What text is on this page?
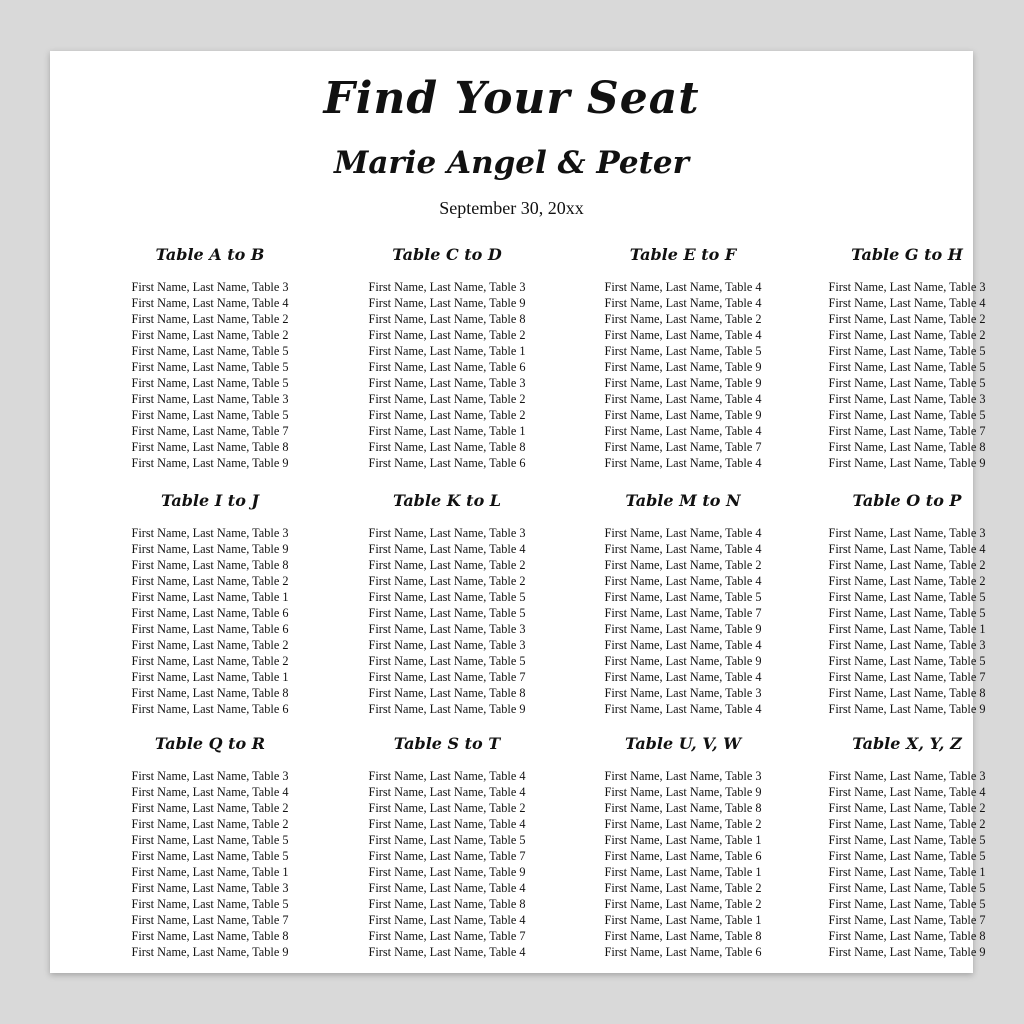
Find Your Seat
Marie Angel & Peter
September 30, 20xx
Table A to B
First Name, Last Name, Table 3
First Name, Last Name, Table 4
First Name, Last Name, Table 2
First Name, Last Name, Table 2
First Name, Last Name, Table 5
First Name, Last Name, Table 5
First Name, Last Name, Table 5
First Name, Last Name, Table 3
First Name, Last Name, Table 5
First Name, Last Name, Table 7
First Name, Last Name, Table 8
First Name, Last Name, Table 9
Table C to D
First Name, Last Name, Table 3
First Name, Last Name, Table 9
First Name, Last Name, Table 8
First Name, Last Name, Table 2
First Name, Last Name, Table 1
First Name, Last Name, Table 6
First Name, Last Name, Table 3
First Name, Last Name, Table 2
First Name, Last Name, Table 2
First Name, Last Name, Table 1
First Name, Last Name, Table 8
First Name, Last Name, Table 6
Table E to F
First Name, Last Name, Table 4
First Name, Last Name, Table 4
First Name, Last Name, Table 2
First Name, Last Name, Table 4
First Name, Last Name, Table 5
First Name, Last Name, Table 9
First Name, Last Name, Table 9
First Name, Last Name, Table 4
First Name, Last Name, Table 9
First Name, Last Name, Table 4
First Name, Last Name, Table 7
First Name, Last Name, Table 4
Table G to H
First Name, Last Name, Table 3
First Name, Last Name, Table 4
First Name, Last Name, Table 2
First Name, Last Name, Table 2
First Name, Last Name, Table 5
First Name, Last Name, Table 5
First Name, Last Name, Table 5
First Name, Last Name, Table 3
First Name, Last Name, Table 5
First Name, Last Name, Table 7
First Name, Last Name, Table 8
First Name, Last Name, Table 9
Table I to J
First Name, Last Name, Table 3
First Name, Last Name, Table 9
First Name, Last Name, Table 8
First Name, Last Name, Table 2
First Name, Last Name, Table 1
First Name, Last Name, Table 6
First Name, Last Name, Table 6
First Name, Last Name, Table 2
First Name, Last Name, Table 2
First Name, Last Name, Table 1
First Name, Last Name, Table 8
First Name, Last Name, Table 6
Table K to L
First Name, Last Name, Table 3
First Name, Last Name, Table 4
First Name, Last Name, Table 2
First Name, Last Name, Table 2
First Name, Last Name, Table 5
First Name, Last Name, Table 5
First Name, Last Name, Table 3
First Name, Last Name, Table 3
First Name, Last Name, Table 5
First Name, Last Name, Table 7
First Name, Last Name, Table 8
First Name, Last Name, Table 9
Table M to N
First Name, Last Name, Table 4
First Name, Last Name, Table 4
First Name, Last Name, Table 2
First Name, Last Name, Table 4
First Name, Last Name, Table 5
First Name, Last Name, Table 7
First Name, Last Name, Table 9
First Name, Last Name, Table 4
First Name, Last Name, Table 9
First Name, Last Name, Table 4
First Name, Last Name, Table 3
First Name, Last Name, Table 4
Table O to P
First Name, Last Name, Table 3
First Name, Last Name, Table 4
First Name, Last Name, Table 2
First Name, Last Name, Table 2
First Name, Last Name, Table 5
First Name, Last Name, Table 5
First Name, Last Name, Table 1
First Name, Last Name, Table 3
First Name, Last Name, Table 5
First Name, Last Name, Table 7
First Name, Last Name, Table 8
First Name, Last Name, Table 9
Table Q to R
First Name, Last Name, Table 3
First Name, Last Name, Table 4
First Name, Last Name, Table 2
First Name, Last Name, Table 2
First Name, Last Name, Table 5
First Name, Last Name, Table 5
First Name, Last Name, Table 1
First Name, Last Name, Table 3
First Name, Last Name, Table 5
First Name, Last Name, Table 7
First Name, Last Name, Table 8
First Name, Last Name, Table 9
Table S to T
First Name, Last Name, Table 4
First Name, Last Name, Table 4
First Name, Last Name, Table 2
First Name, Last Name, Table 4
First Name, Last Name, Table 5
First Name, Last Name, Table 7
First Name, Last Name, Table 9
First Name, Last Name, Table 4
First Name, Last Name, Table 8
First Name, Last Name, Table 4
First Name, Last Name, Table 7
First Name, Last Name, Table 4
Table U, V, W
First Name, Last Name, Table 3
First Name, Last Name, Table 9
First Name, Last Name, Table 8
First Name, Last Name, Table 2
First Name, Last Name, Table 1
First Name, Last Name, Table 6
First Name, Last Name, Table 1
First Name, Last Name, Table 2
First Name, Last Name, Table 2
First Name, Last Name, Table 1
First Name, Last Name, Table 8
First Name, Last Name, Table 6
Table X, Y, Z
First Name, Last Name, Table 3
First Name, Last Name, Table 4
First Name, Last Name, Table 2
First Name, Last Name, Table 2
First Name, Last Name, Table 5
First Name, Last Name, Table 5
First Name, Last Name, Table 1
First Name, Last Name, Table 5
First Name, Last Name, Table 5
First Name, Last Name, Table 7
First Name, Last Name, Table 8
First Name, Last Name, Table 9
